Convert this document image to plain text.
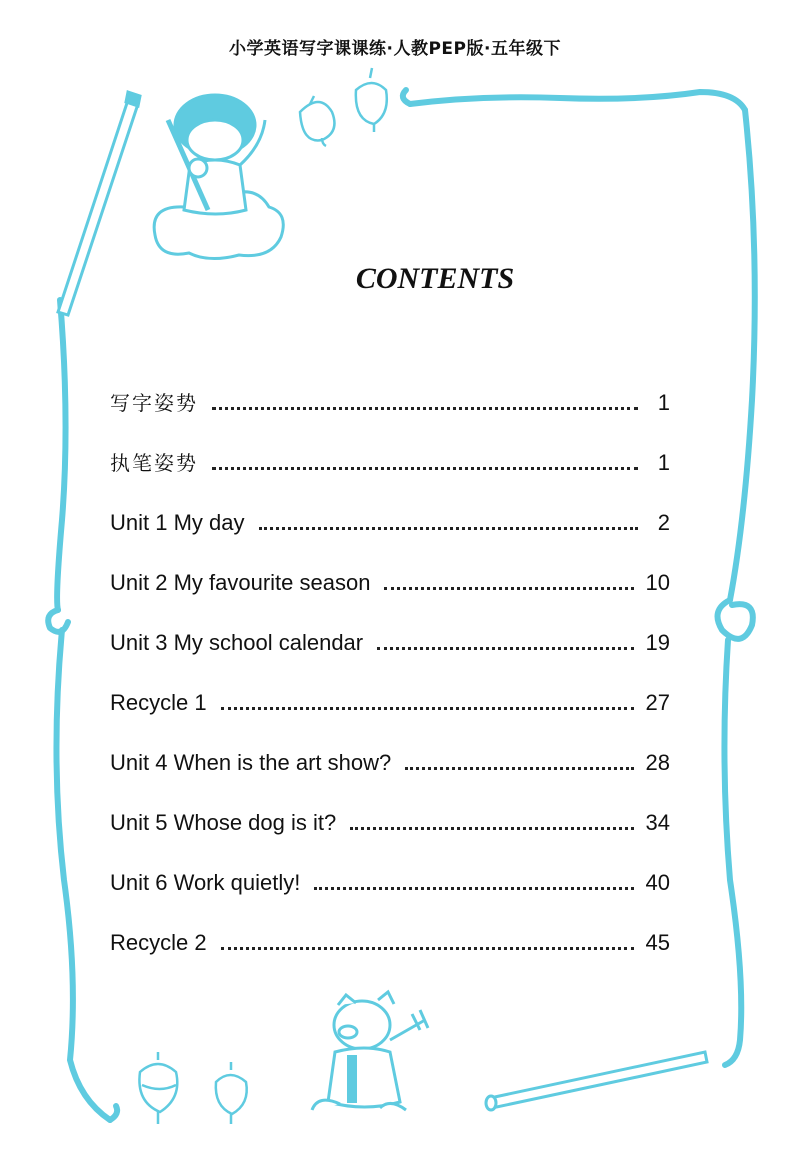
小学英语写字课课练·人教PEP版·五年级下
CONTENTS
写字姿势	1
执笔姿势	1
Unit 1 My day	2
Unit 2 My favourite season	10
Unit 3 My school calendar	19
Recycle 1	27
Unit 4 When is the art show?	28
Unit 5 Whose dog is it?	34
Unit 6 Work quietly!	40
Recycle 2	45
